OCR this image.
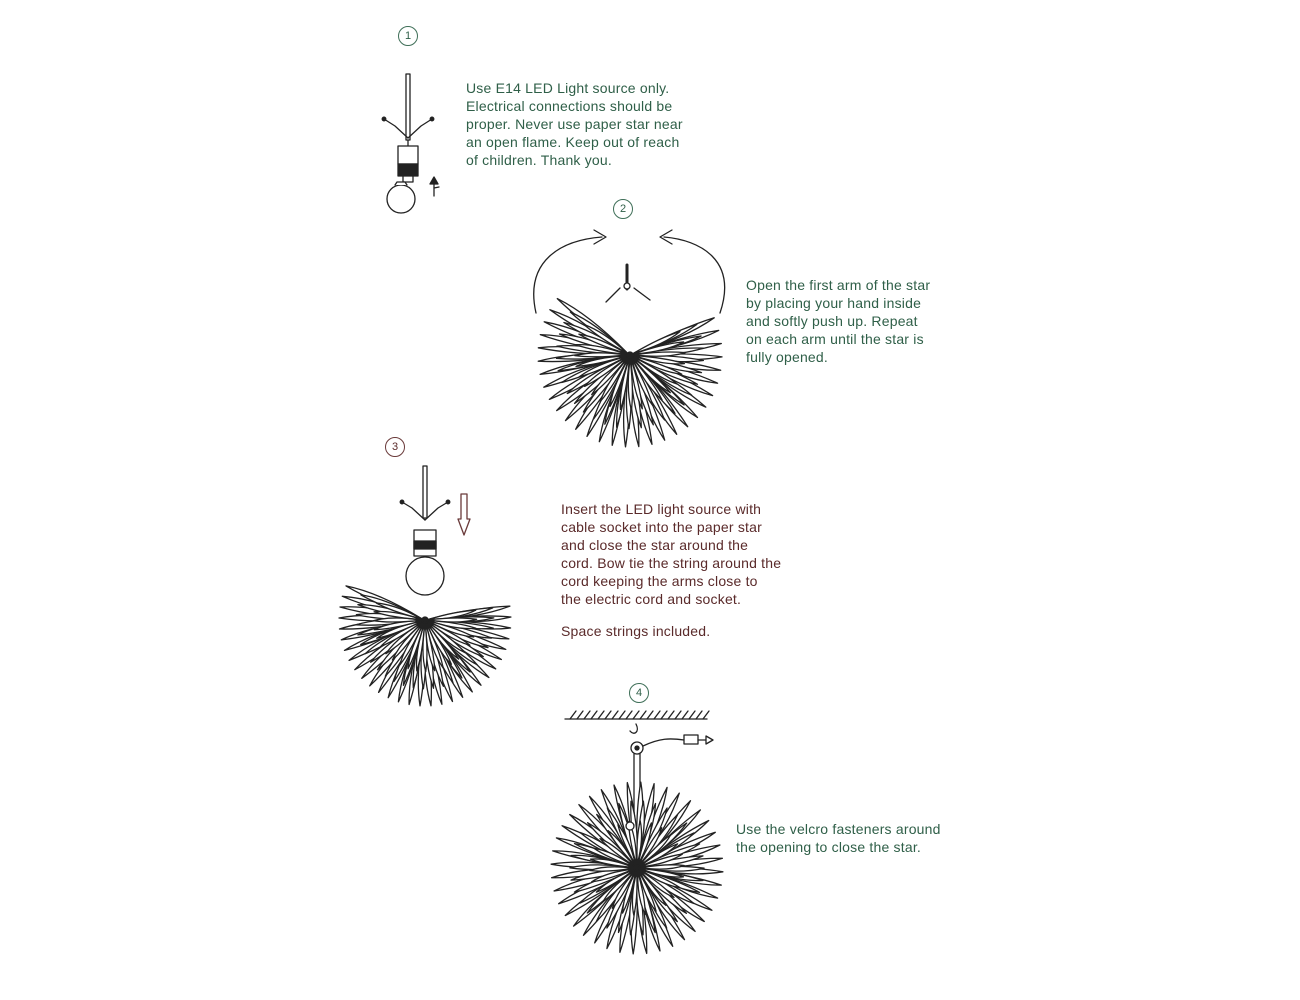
1
Use E14 LED Light source only.
Electrical connections should be
proper. Never use paper star near
an open flame. Keep out of reach
of children. Thank you.
2
Open the first arm of the star
by placing your hand inside
and softly push up. Repeat
on each arm until the star is
fully opened.
3
Insert the LED light source with
cable socket into the paper star
and close the star around the
cord. Bow tie the string around the
cord keeping the arms close to
the electric cord and socket.
Space strings included.
4
Use the velcro fasteners around
the opening to close the star.
